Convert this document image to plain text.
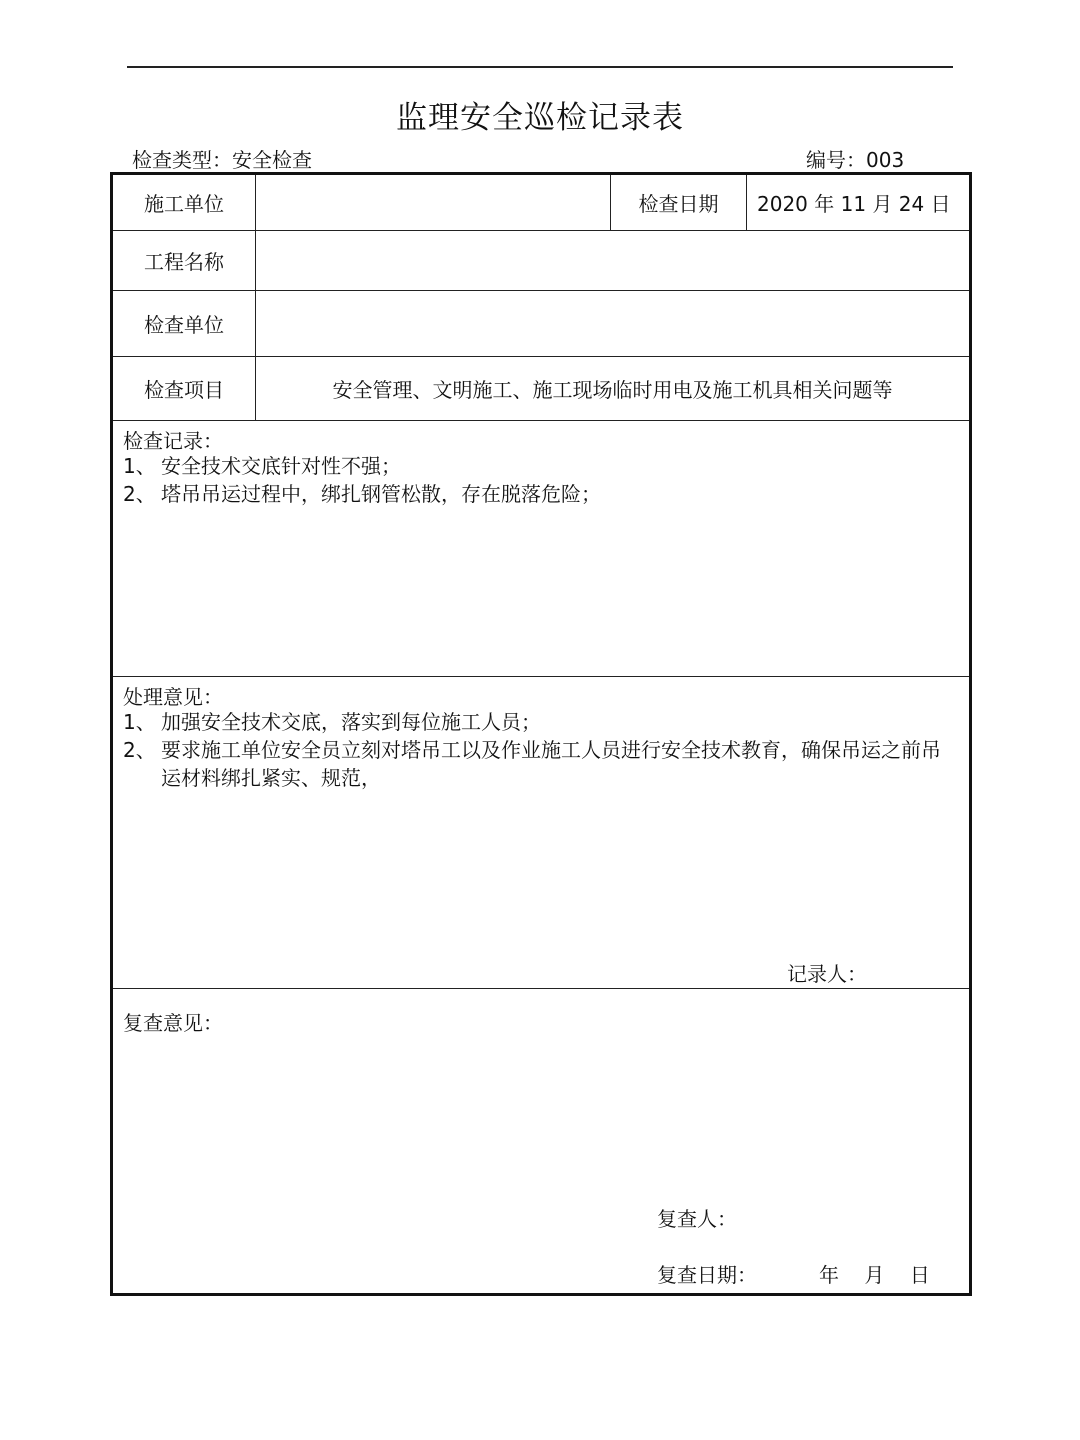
监理安全巡检记录表
检查类型：安全检查	编号：003
施工单位	检查日期	2020 年 11 月 24 日
工程名称
检查单位
检查项目	安全管理、文明施工、施工现场临时用电及施工机具相关问题等
检查记录：
1、 安全技术交底针对性不强；
2、 塔吊吊运过程中，绑扎钢管松散，存在脱落危险；
处理意见：
1、 加强安全技术交底，落实到每位施工人员；
2、 要求施工单位安全员立刻对塔吊工以及作业施工人员进行安全技术教育，确保吊运之前吊运材料绑扎紧实、规范，
记录人：
复查意见：
复查人：
复查日期：	年    月    日
